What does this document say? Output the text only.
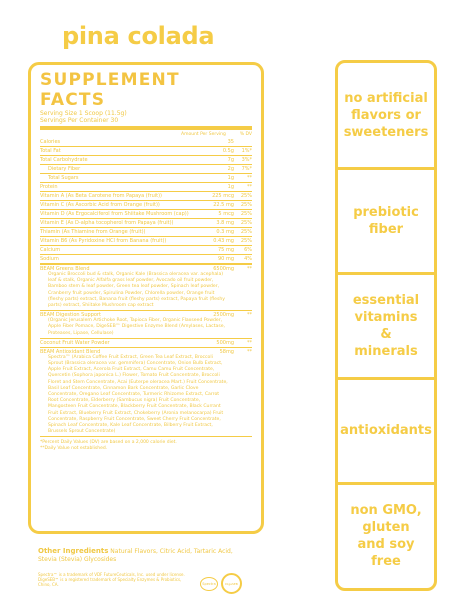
pina colada
SUPPLEMENT FACTS
Serving Size 1 Scoop (11.5g)
Servings Per Container 30
Amount Per Serving	% DV
Calories	35
Total Fat	0.5g	1%*
Total Carbohydrate	7g	3%*
Dietary Fiber	2g	7%*
Total Sugars	1g	**
Protein	1g	**
Vitamin A (As Beta Carotene from Papaya (fruit))	225 mcg	25%
Vitamin C (As Ascorbic Acid from Orange (fruit))	22.5 mg	25%
Vitamin D (As Ergocalciferol from Shiitake Mushroom (cap))	5 mcg	25%
Vitamin E (As D-alpha tocopherol from Papaya (fruit))	3.8 mg	25%
Thiamin (As Thiamine from Orange (fruit))	0.3 mg	25%
Vitamin B6 (As Pyridoxine HCl from Banana (fruit))	0.43 mg	25%
Calcium	75 mg	6%
Sodium	90 mg	4%
BEAM Greens Blend	6500mg	**
Organic Broccoli bud & stalk, Organic Kale (Brassica oleracea var. acephala) leaf & stalk, Organic Alfalfa grass leaf powder, Avocado oil fruit powder, Bamboo stem & leaf powder, Green tea leaf powder, Spinach leaf powder, Cranberry fruit powder, Spirulina Powder, Chlorella powder, Orange fruit (fleshy parts) extract, Banana fruit (fleshy parts) extract, Papaya fruit (fleshy parts) extract, Shiitake Mushroom cap extract
BEAM Digestion Support	2500mg	**
(Organic Jerusalem Artichoke Root, Tapioca Fiber, Organic Flaxseed Powder, Apple Fiber Pomace, DigeSEB™ Digestive Enzyme Blend (Amylases, Lactase, Proteases, Lipase, Cellulase)
Coconut Fruit Water Powder	500mg	**
BEAM Antioxidant Blend	58mg	**
Spectra™ (Arabica Coffee Fruit Extract, Green Tea Leaf Extract, Broccoli Sprout (Brassica oleracea var. gemmifera) Concentrate, Onion Bulb Extract, Apple Fruit Extract, Acerola Fruit Extract, Camu Camu Fruit Concentrate, Quercetin (Sophora japonica L.) Flower, Tomato Fruit Concentrate, Broccoli Floret and Stem Concentrate, Acai (Euterpe oleracea Mart.) Fruit Concentrate, Basil Leaf Concentrate, Cinnamon Bark Concentrate, Garlic Clove Concentrate, Oregano Leaf Concentrate, Turmeric Rhizome Extract, Carrot Root Concentrate, Elderberry (Sambucus nigra) Fruit Concentrate, Mangosteen Fruit Concentrate, Blackberry Fruit Concentrate, Black Currant Fruit Extract, Blueberry Fruit Extract, Chokeberry (Aronia melanocarpa) Fruit Concentrate, Raspberry Fruit Concentrate, Sweet Cherry Fruit Concentrate, Spinach Leaf Concentrate, Kale Leaf Concentrate, Bilberry Fruit Extract, Brussels Sprout Concentrate)
*Percent Daily Values (DV) are based on a 2,000 calorie diet.
**Daily Value not established.
Other Ingredients Natural Flavors, Citric Acid, Tartaric Acid, Stevia (Stevia) Glycosides
Spectra™ is a trademark of VDF FutureCeuticals, Inc. used under license. DigeSEB™ is a registered trademark of Specialty Enzymes & Probiotics, Chino, CA.	Spectra	DigeSEB
no artificial flavors or sweeteners
prebiotic fiber
essential vitamins & minerals
antioxidants
non GMO, gluten and soy free
